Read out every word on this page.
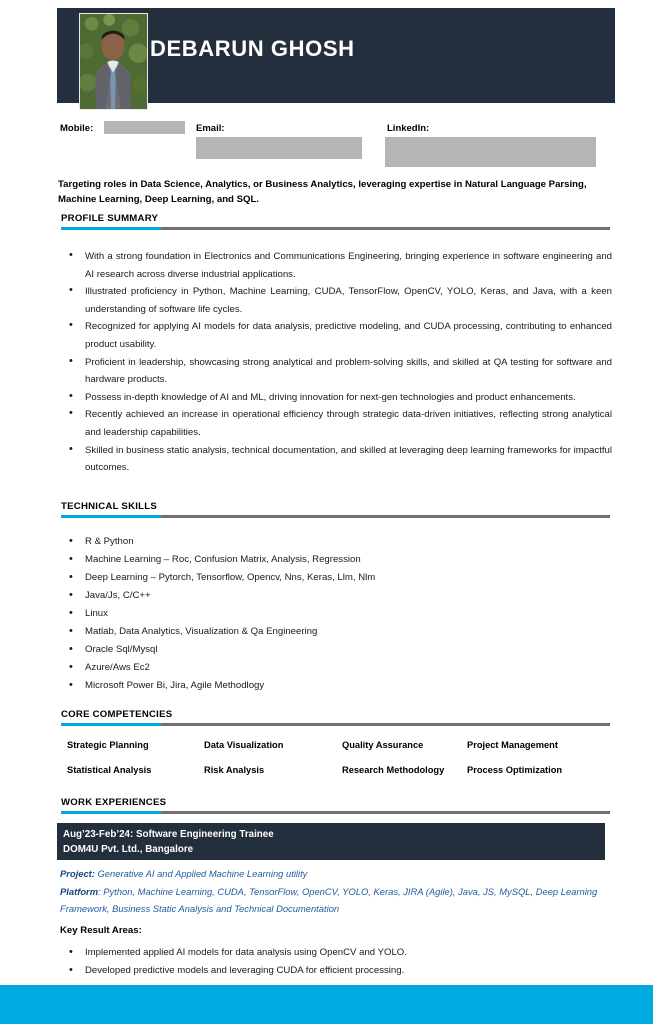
DEBARUN GHOSH
Mobile:	Email:	LinkedIn:
Targeting roles in Data Science, Analytics, or Business Analytics, leveraging expertise in Natural Language Parsing, Machine Learning, Deep Learning, and SQL.
PROFILE SUMMARY
• With a strong foundation in Electronics and Communications Engineering, bringing experience in software engineering and AI research across diverse industrial applications.
• Illustrated proficiency in Python, Machine Learning, CUDA, TensorFlow, OpenCV, YOLO, Keras, and Java, with a keen understanding of software life cycles.
• Recognized for applying AI models for data analysis, predictive modeling, and CUDA processing, contributing to enhanced product usability.
• Proficient in leadership, showcasing strong analytical and problem-solving skills, and skilled at QA testing for software and hardware products.
• Possess in-depth knowledge of AI and ML, driving innovation for next-gen technologies and product enhancements.
• Recently achieved an increase in operational efficiency through strategic data-driven initiatives, reflecting strong analytical and leadership capabilities.
• Skilled in business static analysis, technical documentation, and skilled at leveraging deep learning frameworks for impactful outcomes.
TECHNICAL SKILLS
• R & Python
• Machine Learning – Roc, Confusion Matrix, Analysis, Regression
• Deep Learning – Pytorch, Tensorflow, Opencv, Nns, Keras, Llm, Nlm
• Java/Js, C/C++
• Linux
• Matlab, Data Analytics, Visualization & Qa Engineering
• Oracle Sql/Mysql
• Azure/Aws Ec2
• Microsoft Power Bi, Jira, Agile Methodlogy
CORE COMPETENCIES
Strategic Planning	Data Visualization	Quality Assurance	Project Management
Statistical Analysis	Risk Analysis	Research Methodology	Process Optimization
WORK EXPERIENCES
Aug’23-Feb’24: Software Engineering Trainee
DOM4U Pvt. Ltd., Bangalore
Project: Generative AI and Applied Machine Learning utility
Platform: Python, Machine Learning, CUDA, TensorFlow, OpenCV, YOLO, Keras, JIRA (Agile), Java, JS, MySQL, Deep Learning Framework, Business Static Analysis and Technical Documentation
Key Result Areas:
• Implemented applied AI models for data analysis using OpenCV and YOLO.
• Developed predictive models and leveraging CUDA for efficient processing.
